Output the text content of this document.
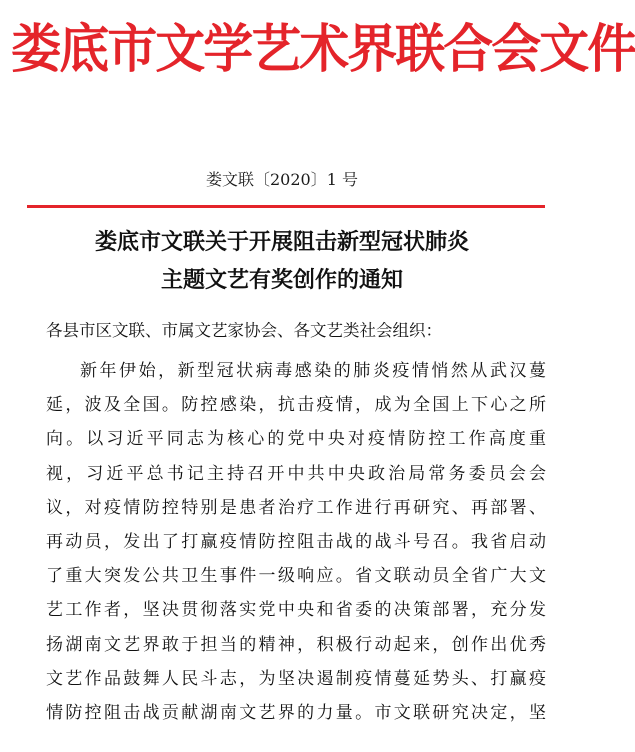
娄底市文学艺术界联合会文件
娄文联〔2020〕1 号
娄底市文联关于开展阻击新型冠状肺炎
主题文艺有奖创作的通知
各县市区文联、市属文艺家协会、各文艺类社会组织：
新年伊始，新型冠状病毒感染的肺炎疫情悄然从武汉蔓
延，波及全国。防控感染，抗击疫情，成为全国上下心之所
向。以习近平同志为核心的党中央对疫情防控工作高度重
视，习近平总书记主持召开中共中央政治局常务委员会会
议，对疫情防控特别是患者治疗工作进行再研究、再部署、
再动员，发出了打赢疫情防控阻击战的战斗号召。我省启动
了重大突发公共卫生事件一级响应。省文联动员全省广大文
艺工作者，坚决贯彻落实党中央和省委的决策部署，充分发
扬湖南文艺界敢于担当的精神，积极行动起来，创作出优秀
文艺作品鼓舞人民斗志，为坚决遏制疫情蔓延势头、打赢疫
情防控阻击战贡献湖南文艺界的力量。市文联研究决定，坚
